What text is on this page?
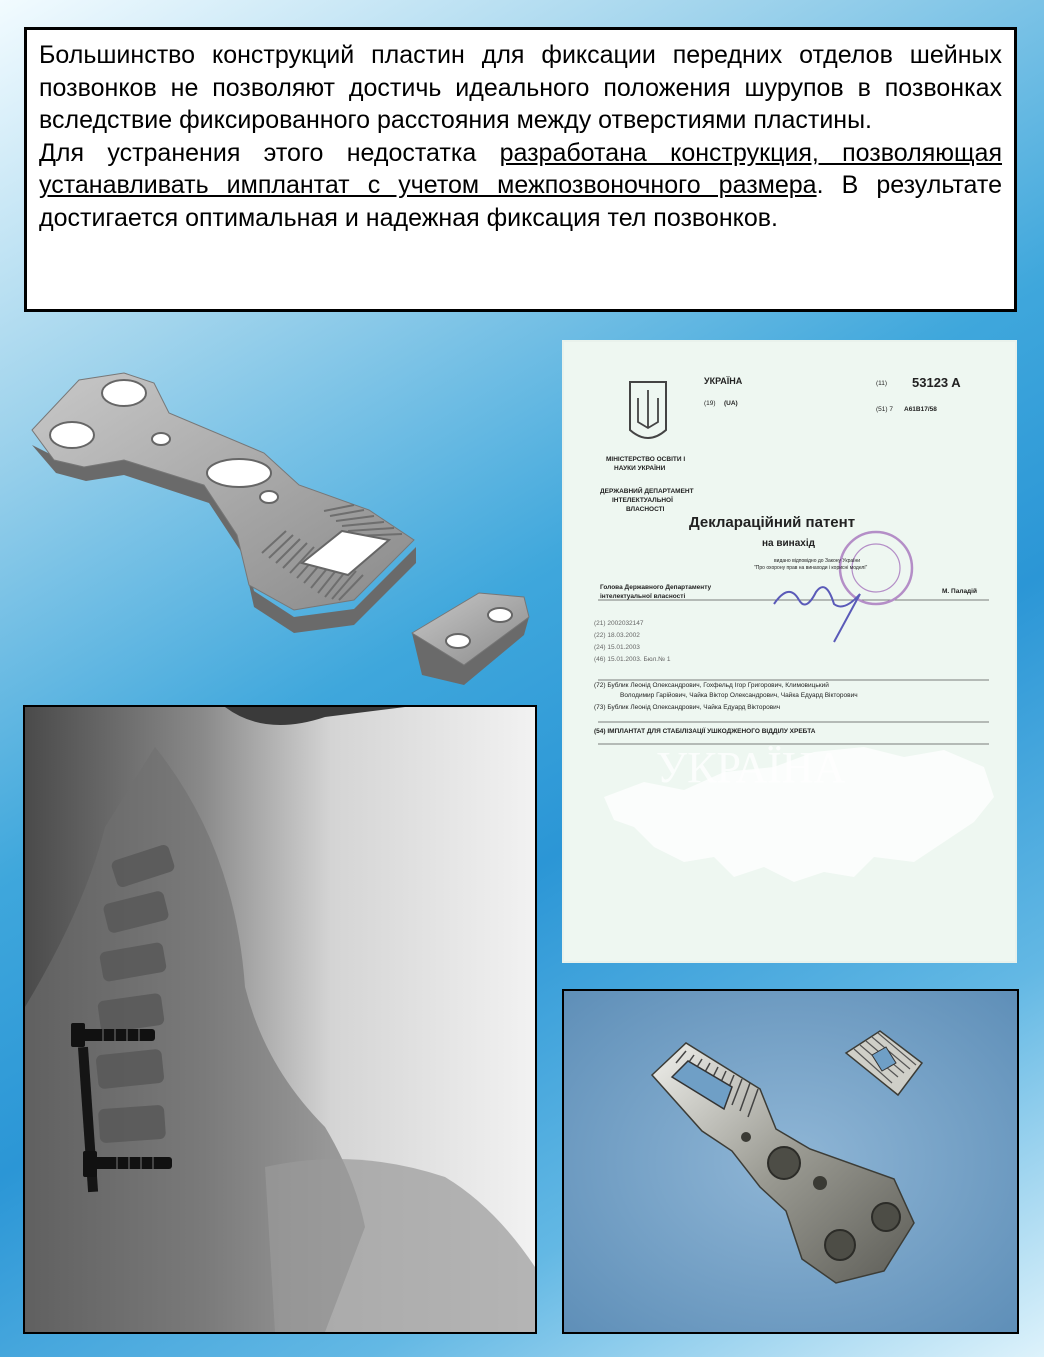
Большинство конструкций пластин для фиксации передних отделов шейных позвонков не позволяют достичь идеального положения шурупов в позвонках вследствие фиксированного расстояния между отверстиями пластины.

Для устранения этого недостатка разработана конструкция, позволяющая устанавливать имплантат с учетом межпозвоночного размера. В результате достигается оптимальная и надежная фиксация тел позвонков.

УКРАЇНА
(19) (UA)
(11) 53123 A
(51) 7 A61B17/58
МІНІСТЕРСТВО ОСВІТИ І
НАУКИ УКРАЇНИ
ДЕРЖАВНИЙ ДЕПАРТАМЕНТ
ІНТЕЛЕКТУАЛЬНОЇ
ВЛАСНОСТІ
Деклараційний патент
на винахід
видано відповідно до Закону України
"Про охорону прав на винаходи і корисні моделі"
Голова Державного Департаменту
інтелектуальної власності
М. Паладій
(21) 2002032147
(22) 18.03.2002
(24) 15.01.2003
(46) 15.01.2003. Бюл.№ 1
(72) Бублик Леонід Олександрович, Гохфельд Ігор Григорович, Климовицький
Володимир Гарійович, Чайка Віктор Олександрович, Чайка Едуард Вікторович
(73) Бублик Леонід Олександрович, Чайка Едуард Вікторович
(54) ІМПЛАНТАТ ДЛЯ СТАБІЛІЗАЦІЇ УШКОДЖЕНОГО ВІДДІЛУ ХРЕБТА
УКРАЇНА
